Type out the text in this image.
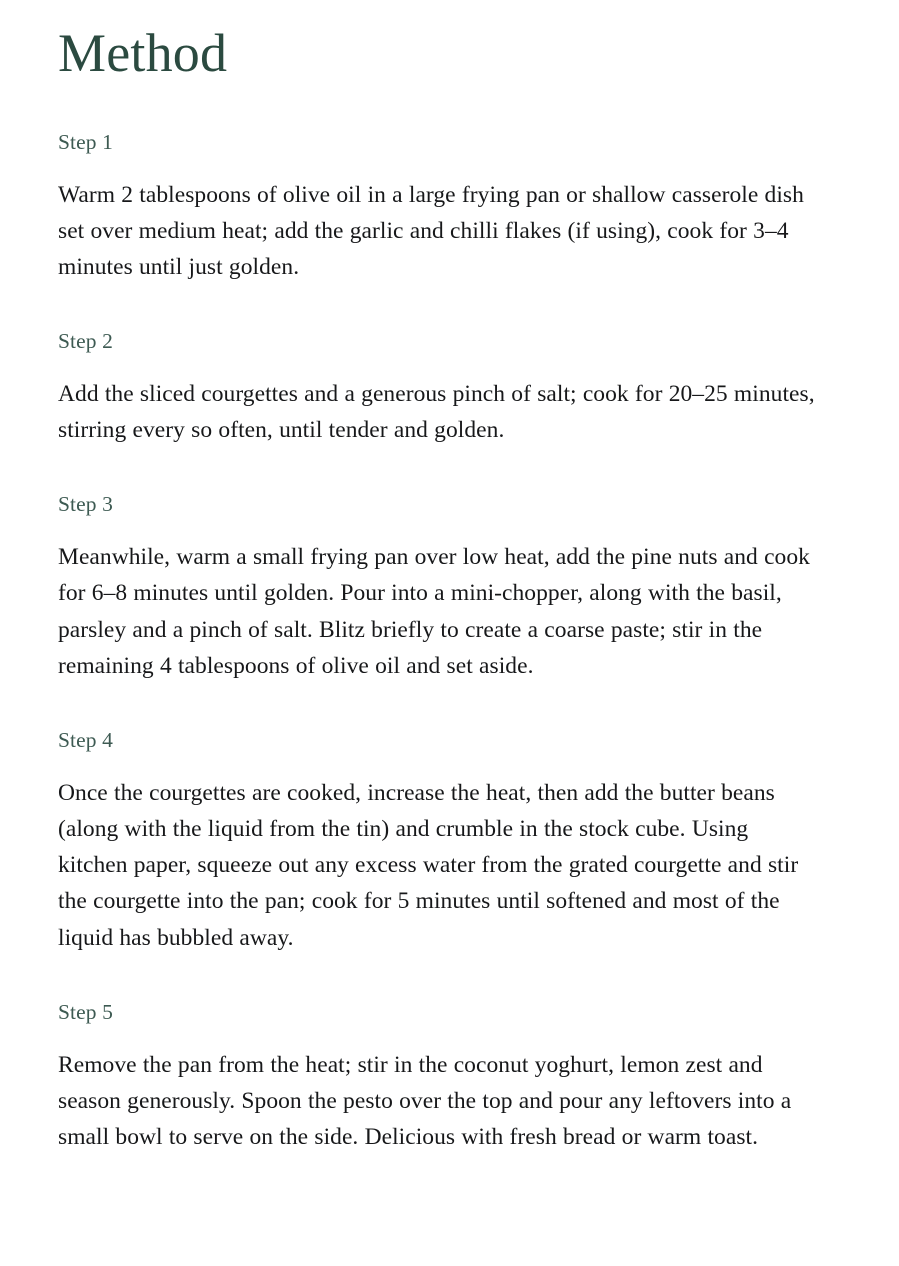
Method
Step 1

Warm 2 tablespoons of olive oil in a large frying pan or shallow casserole dish set over medium heat; add the garlic and chilli flakes (if using), cook for 3–4 minutes until just golden.

Step 2

Add the sliced courgettes and a generous pinch of salt; cook for 20–25 minutes, stirring every so often, until tender and golden.

Step 3

Meanwhile, warm a small frying pan over low heat, add the pine nuts and cook for 6–8 minutes until golden. Pour into a mini-chopper, along with the basil, parsley and a pinch of salt. Blitz briefly to create a coarse paste; stir in the remaining 4 tablespoons of olive oil and set aside.

Step 4

Once the courgettes are cooked, increase the heat, then add the butter beans (along with the liquid from the tin) and crumble in the stock cube. Using kitchen paper, squeeze out any excess water from the grated courgette and stir the courgette into the pan; cook for 5 minutes until softened and most of the liquid has bubbled away.

Step 5

Remove the pan from the heat; stir in the coconut yoghurt, lemon zest and season generously. Spoon the pesto over the top and pour any leftovers into a small bowl to serve on the side. Delicious with fresh bread or warm toast.
